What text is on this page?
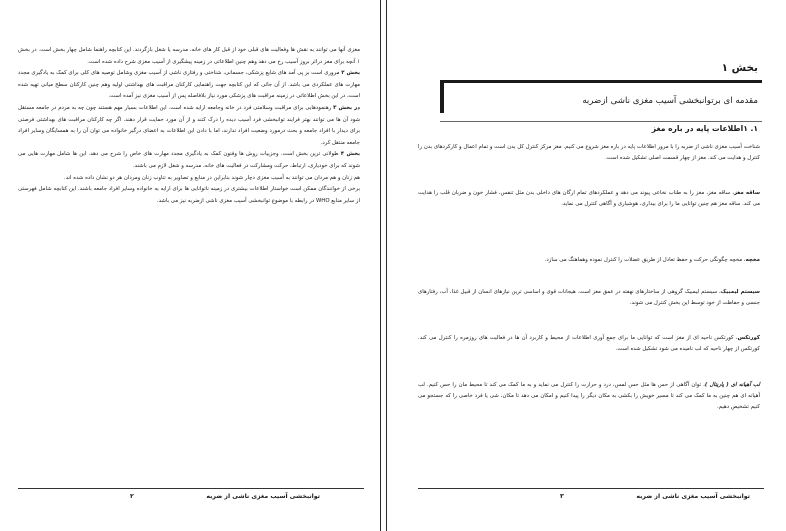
مغزی آنها می توانند به نقش ها وفعالیت های قبلی خود از قبل کار های خانه، مدرسه یا شغل بازگردند. این کتابچه راهنما شامل چهار بخش است. در بخش ۱ آنچه برای مغز درائر بروز آسیب رخ می دهد وهم چنین اطلاعاتی در زمینه پیشگیری از آسیب مغزی شرح داده شده است.

بخش ۲ مروری است بر پی آمد های شایع پزشکی، جسمانی، شناختی و رفتاری ناشی از آسیب مغزی وشامل توصیه های کلی برای کمک به یادگیری مجدد مهارت های عملکردی می باشد. از آن جائی که این کتابچه جهت راهنمایی کارکنان مراقبت های بهداشتی اولیه وهم چنین کارکنان سطح میانی تهیه شده است، در این بخش اطلاعاتی در زمینه مراقبت های پزشکی مورد نیاز بلافاصله پس از آسیب مغزی نیز آمده است.

در بخش ۳ رهنمودهایی برای مراقبت وسلامتی فرد در خانه وجامعه ارایه شده است. این اطلاعات بسیار مهم هستند چون چه به مردم در جامعه مستقل شود آن ها می توانند بهتر فرایند توانبخشی فرد آسیب دیده را درک کنند و از آن مورد حمایت قرار دهند. اگر چه کارکنان مراقبت های بهداشتی فرصتی برای دیدار با افراد جامعه و بحث درمورد وضعیت افراد ندارند، اما با دادن این اطلاعات به اعضای درگیر خانواده می توان آن را به همسایگان وسایر افراد جامعه منتقل کرد.

بخش ۴ طولانی ترین بخش است. وجزییات روش ها وفنون کمک به یادگیری مجدد مهارت های خاص را شرح می دهد. این ها شامل مهارت هایی می شوند که برای خودیاری، ارتباط، حرکت ومشارکت در فعالیت های خانه، مدرسه و شغل لازم می باشند.

هم زنان و هم مردان می توانند به آسیب مغزی دچار شوند بنابراین در منابع و تصاویر به تناوب زنان ومردان هر دو نشان داده شده اند.

برخی از خوانندگان ممکن است خواستار اطلاعات بیشتری در زمینه ناتوانایی ها برای ارایه به خانواده وسایر افراد جامعه باشند. این کتابچه شامل فهرستی از سایر منابع WHO در رابطه با موضوع توانبخشی آسیب مغزی ناشی ازضربه نیز می باشد.

توانبخشی آسیب مغزی ناشی از ضربه
۲
بخش ۱
مقدمه ای برتوانبخشی آسیب مغزی ناشی ازضربه
۱. ۱اطلاعات پایه در باره مغز

شناخت آسیب مغزی ناشی از ضربه را با مرور اطلاعات پایه در باره مغز شروع می کنیم. مغز مرکز کنترل کل بدن است و تمام اعمال و کارکردهای بدن را کنترل و هدایت می کند. مغز از چهار قسمت اصلی تشکیل شده است.

ساقه مغز، ساقه مغز، مغز را به طناب نخاعی پیوند می دهد و عملکردهای تمام ارگان های داخلی بدن مثل تنفس، فشار خون و ضربان قلب را هدایت می کند. ساقه مغز هم چنین توانایی ما را برای بیداری، هوشیاری و آگاهی کنترل می نماید.

مخچه، مخچه چگونگی حرکت و حفظ تعادل از طریق عضلات را کنترل نموده وهماهنگ می سازد.

سیستم لیمبیک، سیستم لیمبیک گروهی از ساختارهای نهفته در عمق مغز است. هیجانات قوی و اساسی ترین نیازهای انسان از قبیل غذا، آب، رفتارهای جنسی و حفاظت از خود توسط این بخش کنترل می شوند.

کورتکس، کورتکس ناحیه ای از مغز است که توانایی ما برای جمع آوری اطلاعات از محیط و کاربرد آن ها در فعالیت های روزمره را کنترل می کند. کورتکس از چهار ناحیه که لب نامیده می شود تشکیل شده است.

لب آهیانه ای ( پاریتال )، توان آگاهی از حس ها مثل حس لمس، درد و حرارت را کنترل می نماید و به ما کمک می کند تا محیط مان را حس کنیم. لب آهیانه ای هم چنین به ما کمک می کند تا مسیر خویش را بکشی به مکان دیگر را پیدا کنیم و امکان می دهد تا مکان، شی یا فرد خاصی را که جستجو می کنیم تشخیص دهیم.

توانبخشی آسیب مغزی ناشی از ضربه
۳
